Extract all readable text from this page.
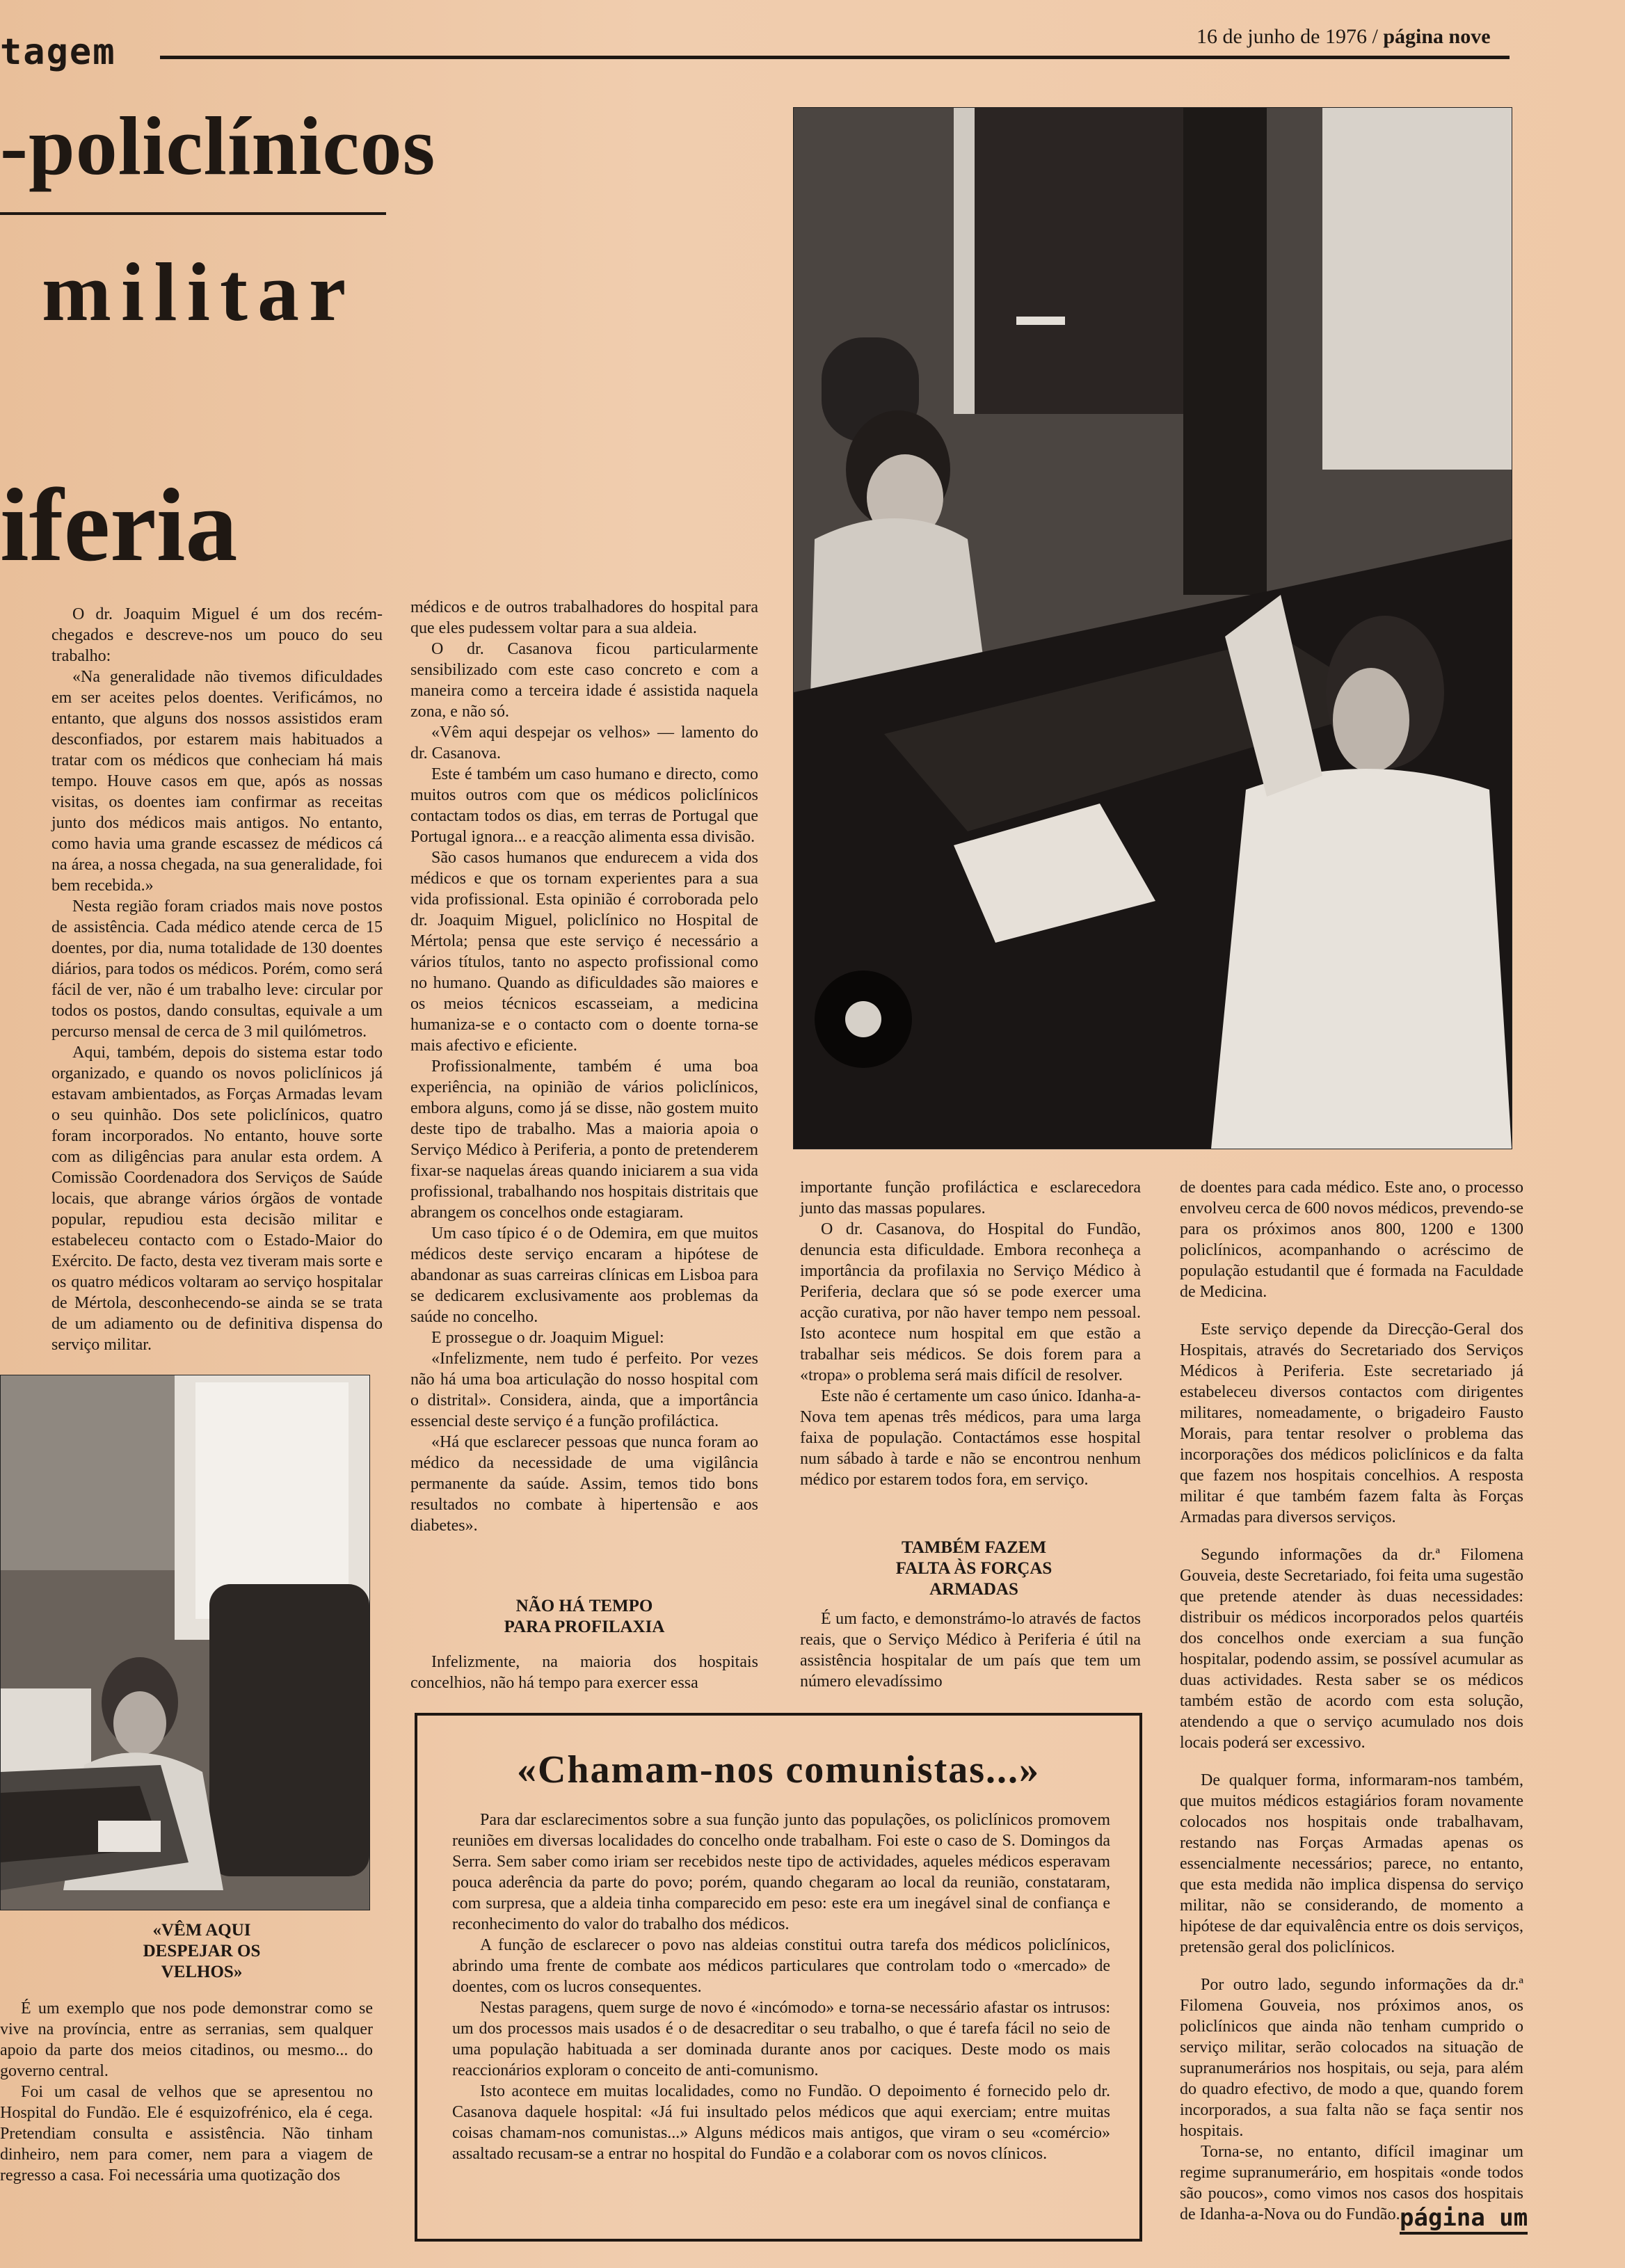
tagem	16 de junho de 1976 / página nove
-policlínicos
militar
iferia

O dr. Joaquim Miguel é um dos recém-chegados e descreve-nos um pouco do seu trabalho:

«Na generalidade não tivemos dificuldades em ser aceites pelos doentes. Verificámos, no entanto, que alguns dos nossos assistidos eram desconfiados, por estarem mais habituados a tratar com os médicos que conheciam há mais tempo. Houve casos em que, após as nossas visitas, os doentes iam confirmar as receitas junto dos médicos mais antigos. No entanto, como havia uma grande escassez de médicos cá na área, a nossa chegada, na sua generalidade, foi bem recebida.»

Nesta região foram criados mais nove postos de assistência. Cada médico atende cerca de 15 doentes, por dia, numa totalidade de 130 doentes diários, para todos os médicos. Porém, como será fácil de ver, não é um trabalho leve: circular por todos os postos, dando consultas, equivale a um percurso mensal de cerca de 3 mil quilómetros.

Aqui, também, depois do sistema estar todo organizado, e quando os novos policlínicos já estavam ambientados, as Forças Armadas levam o seu quinhão. Dos sete policlínicos, quatro foram incorporados. No entanto, houve sorte com as diligências para anular esta ordem. A Comissão Coordenadora dos Serviços de Saúde locais, que abrange vários órgãos de vontade popular, repudiou esta decisão militar e estabeleceu contacto com o Estado-Maior do Exército. De facto, desta vez tiveram mais sorte e os quatro médicos voltaram ao serviço hospitalar de Mértola, desconhecendo-se ainda se se trata de um adiamento ou de definitiva dispensa do serviço militar.

«VÊM AQUI DESPEJAR OS VELHOS»

É um exemplo que nos pode demonstrar como se vive na província, entre as serranias, sem qualquer apoio da parte dos meios citadinos, ou mesmo... do governo central.

Foi um casal de velhos que se apresentou no Hospital do Fundão. Ele é esquizofrénico, ela é cega. Pretendiam consulta e assistência. Não tinham dinheiro, nem para comer, nem para a viagem de regresso a casa. Foi necessária uma quotização dos

médicos e de outros trabalhadores do hospital para que eles pudessem voltar para a sua aldeia.

O dr. Casanova ficou particularmente sensibilizado com este caso concreto e com a maneira como a terceira idade é assistida naquela zona, e não só.

«Vêm aqui despejar os velhos» — lamento do dr. Casanova.

Este é também um caso humano e directo, como muitos outros com que os médicos policlínicos contactam todos os dias, em terras de Portugal que Portugal ignora... e a reacção alimenta essa divisão.

São casos humanos que endurecem a vida dos médicos e que os tornam experientes para a sua vida profissional. Esta opinião é corroborada pelo dr. Joaquim Miguel, policlínico no Hospital de Mértola; pensa que este serviço é necessário a vários títulos, tanto no aspecto profissional como no humano. Quando as dificuldades são maiores e os meios técnicos escasseiam, a medicina humaniza-se e o contacto com o doente torna-se mais afectivo e eficiente.

Profissionalmente, também é uma boa experiência, na opinião de vários policlínicos, embora alguns, como já se disse, não gostem muito deste tipo de trabalho. Mas a maioria apoia o Serviço Médico à Periferia, a ponto de pretenderem fixar-se naquelas áreas quando iniciarem a sua vida profissional, trabalhando nos hospitais distritais que abrangem os concelhos onde estagiaram.

Um caso típico é o de Odemira, em que muitos médicos deste serviço encaram a hipótese de abandonar as suas carreiras clínicas em Lisboa para se dedicarem exclusivamente aos problemas da saúde no concelho.

E prossegue o dr. Joaquim Miguel:

«Infelizmente, nem tudo é perfeito. Por vezes não há uma boa articulação do nosso hospital com o distrital». Considera, ainda, que a importância essencial deste serviço é a função profiláctica.

«Há que esclarecer pessoas que nunca foram ao médico da necessidade de uma vigilância permanente da saúde. Assim, temos tido bons resultados no combate à hipertensão e aos diabetes».

NÃO HÁ TEMPO PARA PROFILAXIA

Infelizmente, na maioria dos hospitais concelhios, não há tempo para exercer essa

importante função profiláctica e esclarecedora junto das massas populares.

O dr. Casanova, do Hospital do Fundão, denuncia esta dificuldade. Embora reconheça a importância da profilaxia no Serviço Médico à Periferia, declara que só se pode exercer uma acção curativa, por não haver tempo nem pessoal. Isto acontece num hospital em que estão a trabalhar seis médicos. Se dois forem para a «tropa» o problema será mais difícil de resolver.

Este não é certamente um caso único. Idanha-a-Nova tem apenas três médicos, para uma larga faixa de população. Contactámos esse hospital num sábado à tarde e não se encontrou nenhum médico por estarem todos fora, em serviço.

TAMBÉM FAZEM FALTA ÀS FORÇAS ARMADAS

É um facto, e demonstrámo-lo através de factos reais, que o Serviço Médico à Periferia é útil na assistência hospitalar de um país que tem um número elevadíssimo

de doentes para cada médico. Este ano, o processo envolveu cerca de 600 novos médicos, prevendo-se para os próximos anos 800, 1200 e 1300 policlínicos, acompanhando o acréscimo de população estudantil que é formada na Faculdade de Medicina.

Este serviço depende da Direcção-Geral dos Hospitais, através do Secretariado dos Serviços Médicos à Periferia. Este secretariado já estabeleceu diversos contactos com dirigentes militares, nomeadamente, o brigadeiro Fausto Morais, para tentar resolver o problema das incorporações dos médicos policlínicos e da falta que fazem nos hospitais concelhios. A resposta militar é que também fazem falta às Forças Armadas para diversos serviços.

Segundo informações da dr.ª Filomena Gouveia, deste Secretariado, foi feita uma sugestão que pretende atender às duas necessidades: distribuir os médicos incorporados pelos quartéis dos concelhos onde exerciam a sua função hospitalar, podendo assim, se possível acumular as duas actividades. Resta saber se os médicos também estão de acordo com esta solução, atendendo a que o serviço acumulado nos dois locais poderá ser excessivo.

De qualquer forma, informaram-nos também, que muitos médicos estagiários foram novamente colocados nos hospitais onde trabalhavam, restando nas Forças Armadas apenas os essencialmente necessários; parece, no entanto, que esta medida não implica dispensa do serviço militar, não se considerando, de momento a hipótese de dar equivalência entre os dois serviços, pretensão geral dos policlínicos.

Por outro lado, segundo informações da dr.ª Filomena Gouveia, nos próximos anos, os policlínicos que ainda não tenham cumprido o serviço militar, serão colocados na situação de supranumerários nos hospitais, ou seja, para além do quadro efectivo, de modo a que, quando forem incorporados, a sua falta não se faça sentir nos hospitais.

Torna-se, no entanto, difícil imaginar um regime supranumerário, em hospitais «onde todos são poucos», como vimos nos casos dos hospitais de Idanha-a-Nova ou do Fundão.

«Chamam-nos comunistas...»

Para dar esclarecimentos sobre a sua função junto das populações, os policlínicos promovem reuniões em diversas localidades do concelho onde trabalham. Foi este o caso de S. Domingos da Serra. Sem saber como iriam ser recebidos neste tipo de actividades, aqueles médicos esperavam pouca aderência da parte do povo; porém, quando chegaram ao local da reunião, constataram, com surpresa, que a aldeia tinha comparecido em peso: este era um inegável sinal de confiança e reconhecimento do valor do trabalho dos médicos.

A função de esclarecer o povo nas aldeias constitui outra tarefa dos médicos policlínicos, abrindo uma frente de combate aos médicos particulares que controlam todo o «mercado» de doentes, com os lucros consequentes.

Nestas paragens, quem surge de novo é «incómodo» e torna-se necessário afastar os intrusos: um dos processos mais usados é o de desacreditar o seu trabalho, o que é tarefa fácil no seio de uma população habituada a ser dominada durante anos por caciques. Deste modo os mais reaccionários exploram o conceito de anti-comunismo.

Isto acontece em muitas localidades, como no Fundão. O depoimento é fornecido pelo dr. Casanova daquele hospital: «Já fui insultado pelos médicos que aqui exerciam; entre muitas coisas chamam-nos comunistas...» Alguns médicos mais antigos, que viram o seu «comércio» assaltado recusam-se a entrar no hospital do Fundão e a colaborar com os novos clínicos.

página um
